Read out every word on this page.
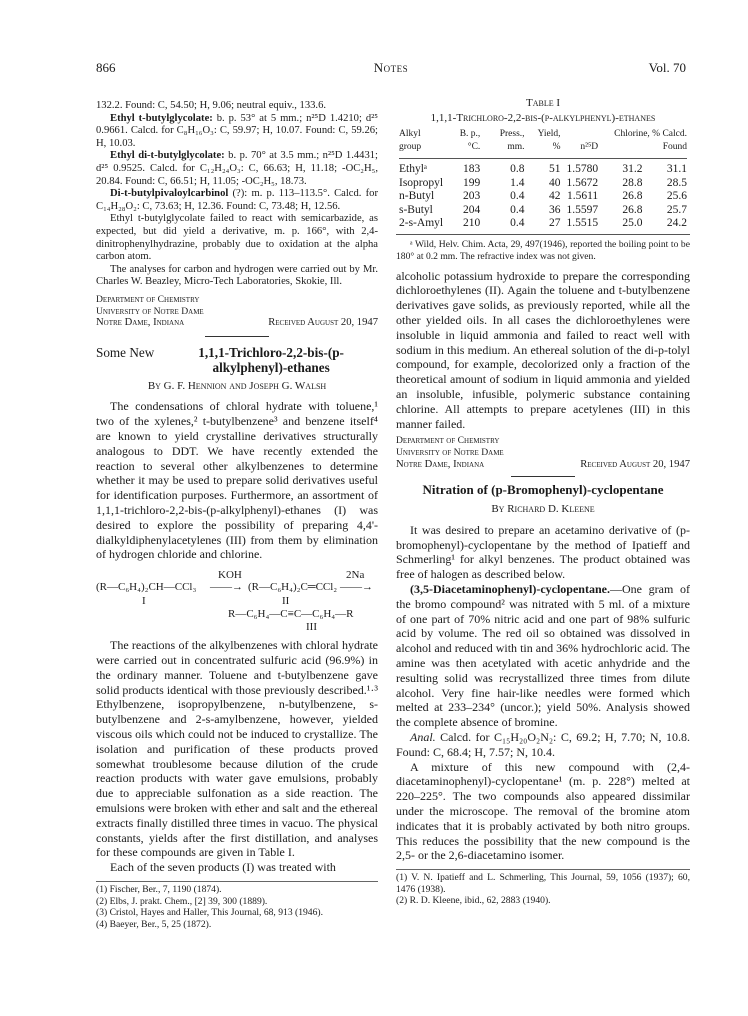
866	Notes	Vol. 70

132.2. Found: C, 54.50; H, 9.06; neutral equiv., 133.6.

Ethyl t-butylglycolate: b. p. 53° at 5 mm.; n²⁵D 1.4210; d²⁵ 0.9661. Calcd. for C₈H₁₆O₃: C, 59.97; H, 10.07. Found: C, 59.26; H, 10.03.

Ethyl di-t-butylglycolate: b. p. 70° at 3.5 mm.; n²⁵D 1.4431; d²⁵ 0.9525. Calcd. for C₁₂H₂₄O₃: C, 66.63; H, 11.18; -OC₂H₅, 20.84. Found: C, 66.51; H, 11.05; -OC₂H₅, 18.73.

Di-t-butylpivaloylcarbinol (?): m. p. 113–113.5°. Calcd. for C₁₄H₂₈O₂: C, 73.63; H, 12.36. Found: C, 73.48; H, 12.56.

Ethyl t-butylglycolate failed to react with semicarbazide, as expected, but did yield a derivative, m. p. 166°, with 2,4-dinitrophenylhydrazine, probably due to oxidation at the alpha carbon atom.

The analyses for carbon and hydrogen were carried out by Mr. Charles W. Beazley, Micro-Tech Laboratories, Skokie, Ill.

Department of Chemistry
University of Notre Dame
Notre Dame, Indiana	Received August 20, 1947
Some New	1,1,1-Trichloro-2,2-bis-(p-alkylphenyl)-ethanes
By G. F. Hennion and Joseph G. Walsh

The condensations of chloral hydrate with toluene,¹ two of the xylenes,² t-butylbenzene³ and benzene itself⁴ are known to yield crystalline derivatives structurally analogous to DDT. We have recently extended the reaction to several other alkylbenzenes to determine whether it may be used to prepare solid derivatives useful for identification purposes. Furthermore, an assortment of 1,1,1-trichloro-2,2-bis-(p-alkylphenyl)-ethanes (I) was desired to explore the possibility of preparing 4,4'-dialkyldiphenylacetylenes (III) from them by elimination of hydrogen chloride and chlorine.

(R—C₆H₄)₂CH—CCl₃
KOH
——→ (R—C₆H₄)₂C═CCl₂
2Na
——→
I	II
R—C₆H₄—C≡C—C₆H₄—R
III

The reactions of the alkylbenzenes with chloral hydrate were carried out in concentrated sulfuric acid (96.9%) in the ordinary manner. Toluene and t-butylbenzene gave solid products identical with those previously described.¹·³ Ethylbenzene, isopropylbenzene, n-butylbenzene, s-butylbenzene and 2-s-amylbenzene, however, yielded viscous oils which could not be induced to crystallize. The isolation and purification of these products proved somewhat troublesome because dilution of the crude reaction products with water gave emulsions, probably due to appreciable sulfonation as a side reaction. The emulsions were broken with ether and salt and the ethereal extracts finally distilled three times in vacuo. The physical constants, yields after the first distillation, and analyses for these compounds are given in Table I.

Each of the seven products (I) was treated with

(1) Fischer, Ber., 7, 1190 (1874).
(2) Elbs, J. prakt. Chem., [2] 39, 300 (1889).
(3) Cristol, Hayes and Haller, This Journal, 68, 913 (1946).
(4) Baeyer, Ber., 5, 25 (1872).
Table I
1,1,1-Trichloro-2,2-bis-(p-alkylphenyl)-ethanes
Alkyl group	B. p., °C.	Press., mm.	Yield, %	n²⁵D	Chlorine, % Calcd. Found	

Ethylᵃ	183	0.8	51	1.5780	31.2	31.1
Isopropyl	199	1.4	40	1.5672	28.8	28.5
n-Butyl	203	0.4	42	1.5611	26.8	25.6
s-Butyl	204	0.4	36	1.5597	26.8	25.7
2-s-Amyl	210	0.4	27	1.5515	25.0	24.2

ᵃ Wild, Helv. Chim. Acta, 29, 497(1946), reported the boiling point to be 180° at 0.2 mm. The refractive index was not given.

alcoholic potassium hydroxide to prepare the corresponding dichloroethylenes (II). Again the toluene and t-butylbenzene derivatives gave solids, as previously reported, while all the other yielded oils. In all cases the dichloroethylenes were insoluble in liquid ammonia and failed to react well with sodium in this medium. An ethereal solution of the di-p-tolyl compound, for example, decolorized only a fraction of the theoretical amount of sodium in liquid ammonia and yielded an insoluble, infusible, polymeric substance containing chlorine. All attempts to prepare acetylenes (III) in this manner failed.

Department of Chemistry
University of Notre Dame
Notre Dame, Indiana	Received August 20, 1947
Nitration of (p-Bromophenyl)-cyclopentane
By Richard D. Kleene

It was desired to prepare an acetamino derivative of (p-bromophenyl)-cyclopentane by the method of Ipatieff and Schmerling¹ for alkyl benzenes. The product obtained was free of halogen as described below.

(3,5-Diacetaminophenyl)-cyclopentane.—One gram of the bromo compound² was nitrated with 5 ml. of a mixture of one part of 70% nitric acid and one part of 98% sulfuric acid by volume. The red oil so obtained was dissolved in alcohol and reduced with tin and 36% hydrochloric acid. The amine was then acetylated with acetic anhydride and the resulting solid was recrystallized three times from dilute alcohol. Very fine hair-like needles were formed which melted at 233–234° (uncor.); yield 50%. Analysis showed the complete absence of bromine.

Anal. Calcd. for C₁₅H₂₀O₂N₂: C, 69.2; H, 7.70; N, 10.8. Found: C, 68.4; H, 7.57; N, 10.4.

A mixture of this new compound with (2,4-diacetaminophenyl)-cyclopentane¹ (m. p. 228°) melted at 220–225°. The two compounds also appeared dissimilar under the microscope. The removal of the bromine atom indicates that it is probably activated by both nitro groups. This reduces the possibility that the new compound is the 2,5- or the 2,6-diacetamino isomer.

(1) V. N. Ipatieff and L. Schmerling, This Journal, 59, 1056 (1937); 60, 1476 (1938).
(2) R. D. Kleene, ibid., 62, 2883 (1940).
